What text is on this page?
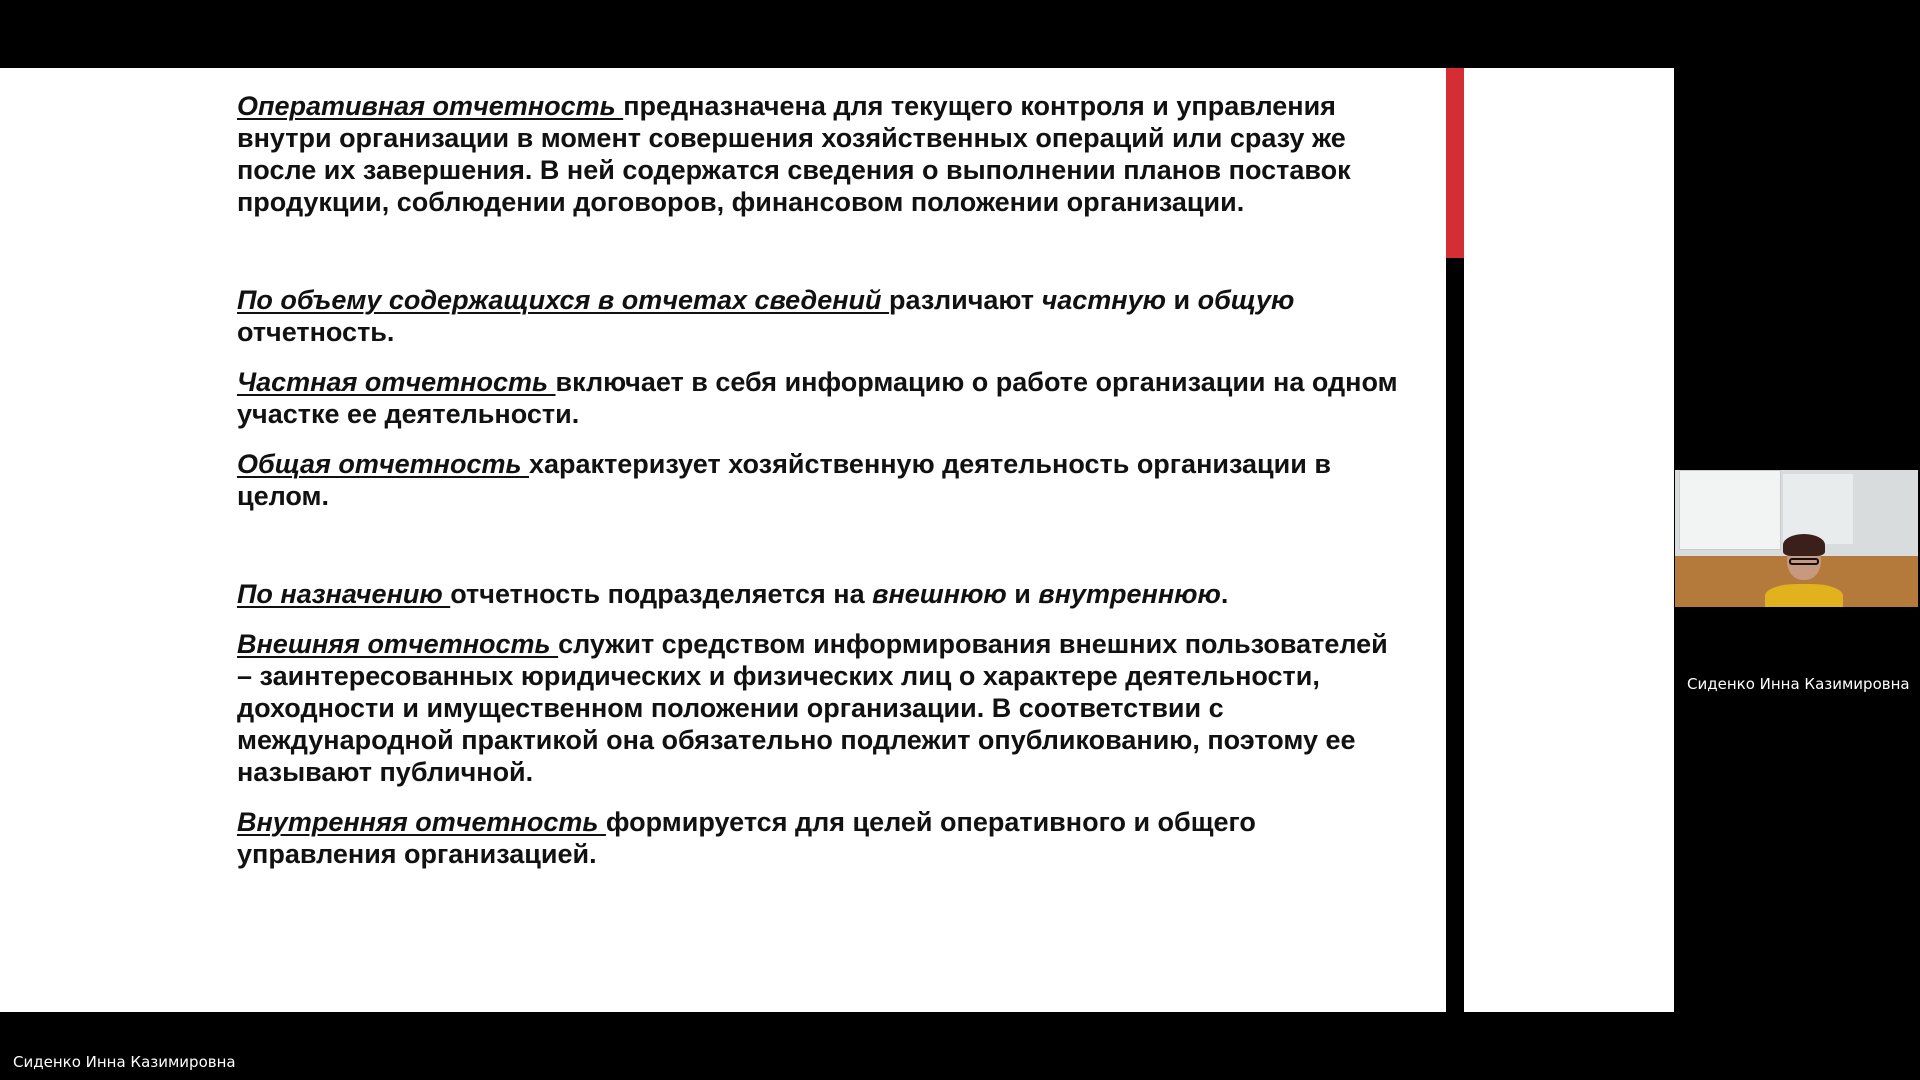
Оперативная отчетность предназначена для текущего контроля и управления внутри организации в момент совершения хозяйственных операций или сразу же после их завершения. В ней содержатся сведения о выполнении планов поставок продукции, соблюдении договоров, финансовом положении организации.

По объему содержащихся в отчетах сведений различают частную и общую отчетность.

Частная отчетность включает в себя информацию о работе организации на одном участке ее деятельности.

Общая отчетность характеризует хозяйственную деятельность организации в целом.

По назначению отчетность подразделяется на внешнюю и внутреннюю.

Внешняя отчетность служит средством информирования внешних пользователей – заинтересованных юридических и физических лиц о характере деятельности, доходности и имущественном положении организации. В соответствии с международной практикой она обязательно подлежит опубликованию, поэтому ее называют публичной.

Внутренняя отчетность формируется для целей оперативного и общего управления организацией.

Сиденко Инна Казимировна
Сиденко Инна Казимировна
